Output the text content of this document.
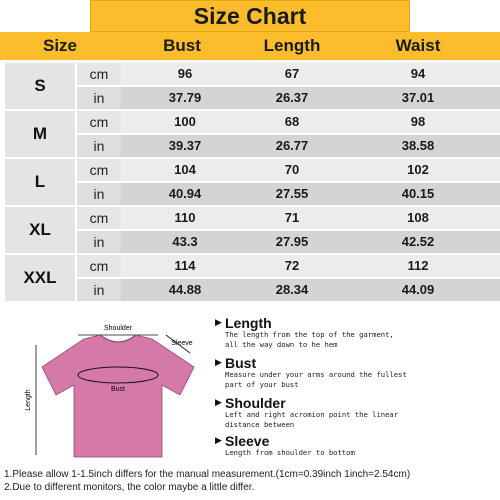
Size Chart
Size	Bust	Length	Waist
S
cm	96	67	94
in	37.79	26.37	37.01
M
cm	100	68	98
in	39.37	26.77	38.58
L
cm	104	70	102
in	40.94	27.55	40.15
XL
cm	110	71	108
in	43.3	27.95	42.52
XXL
cm	114	72	112
in	44.88	28.34	44.09
Shoulder
Sleeve
Length	Bust
▶ Length
The length from the top of the garment,
all the way down to he hem
▶ Bust
Measure under your arms around the fullest
part of your bust
▶ Shoulder
Left and right acromion point the linear
distance between
▶ Sleeve
Length from shoulder to bottom
1.Please allow 1-1.5inch differs for the manual measurement.(1cm=0.39inch 1inch=2.54cm)
2.Due to different monitors, the color maybe a little differ.
